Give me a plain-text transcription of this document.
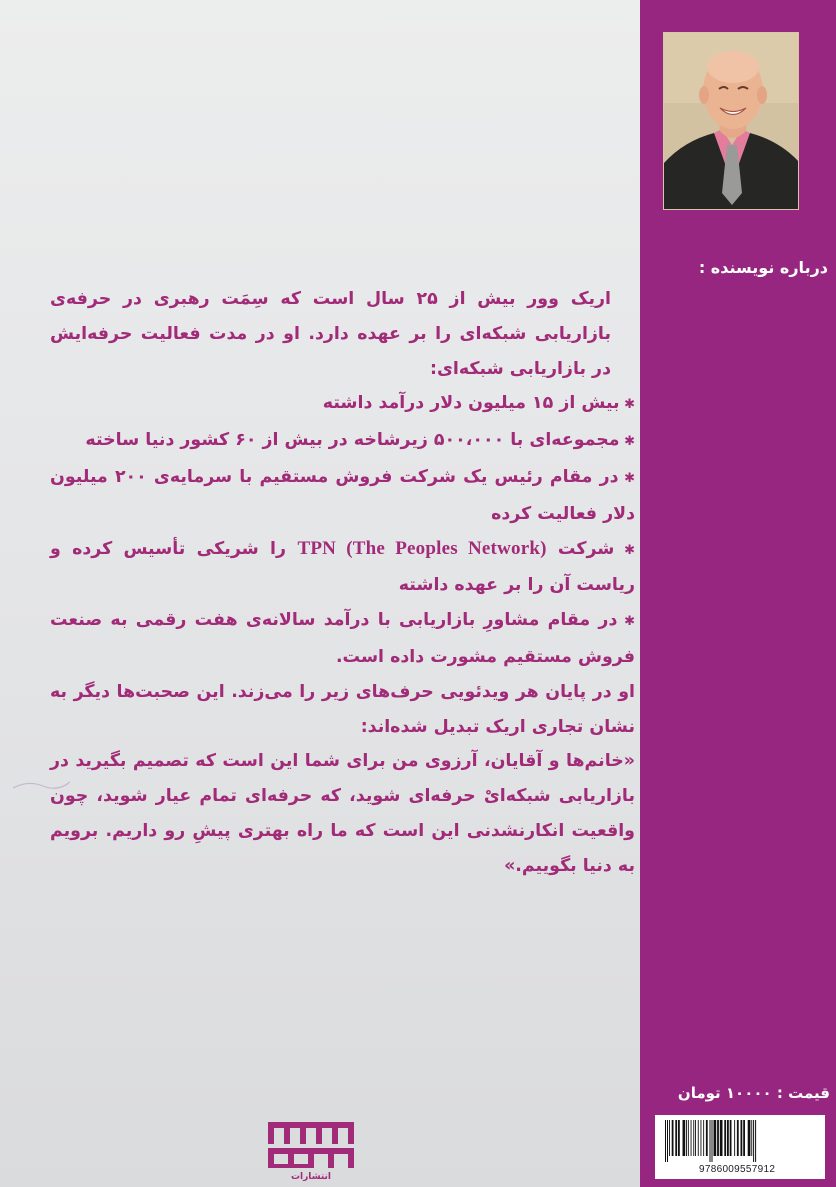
درباره نویسنده :

اریک وور بیش از ۲۵ سال است که سِمَت رهبری در حرفه‌ی بازاریابی شبکه‌ای را بر عهده دارد. او در مدت فعالیت حرفه‌ایش در بازاریابی شبکه‌ای:

✱ بیش از ۱۵ میلیون دلار درآمد داشته

✱ مجموعه‌ای با ۵۰۰،۰۰۰ زیرشاخه در بیش از ۶۰ کشور دنیا ساخته

✱ در مقام رئیس یک شرکت فروش مستقیم با سرمایه‌ی ۲۰۰ میلیون دلار فعالیت کرده

✱ شرکت TPN (The Peoples Network) را شریکی تأسیس کرده و ریاست آن را بر عهده داشته

✱ در مقام مشاورِ بازاریابی با درآمد سالانه‌ی هفت رقمی به صنعت فروش مستقیم مشورت داده است.

او در پایان هر ویدئویی حرف‌های زیر را می‌زند. این صحبت‌ها دیگر به نشان تجاری اریک تبدیل شده‌اند:

«خانم‌ها و آقایان، آرزوی من برای شما این است که تصمیم بگیرید در بازاریابی شبکه‌ایْ حرفه‌ای شوید، که حرفه‌ای تمام عیار شوید، چون واقعیت انکارنشدنی این است که ما راه بهتری پیشِ رو داریم. برویم به دنیا بگوییم.»

انتشارات
اندیشه
گویا
قیمت : ۱۰۰۰۰ تومان
9786009557912
